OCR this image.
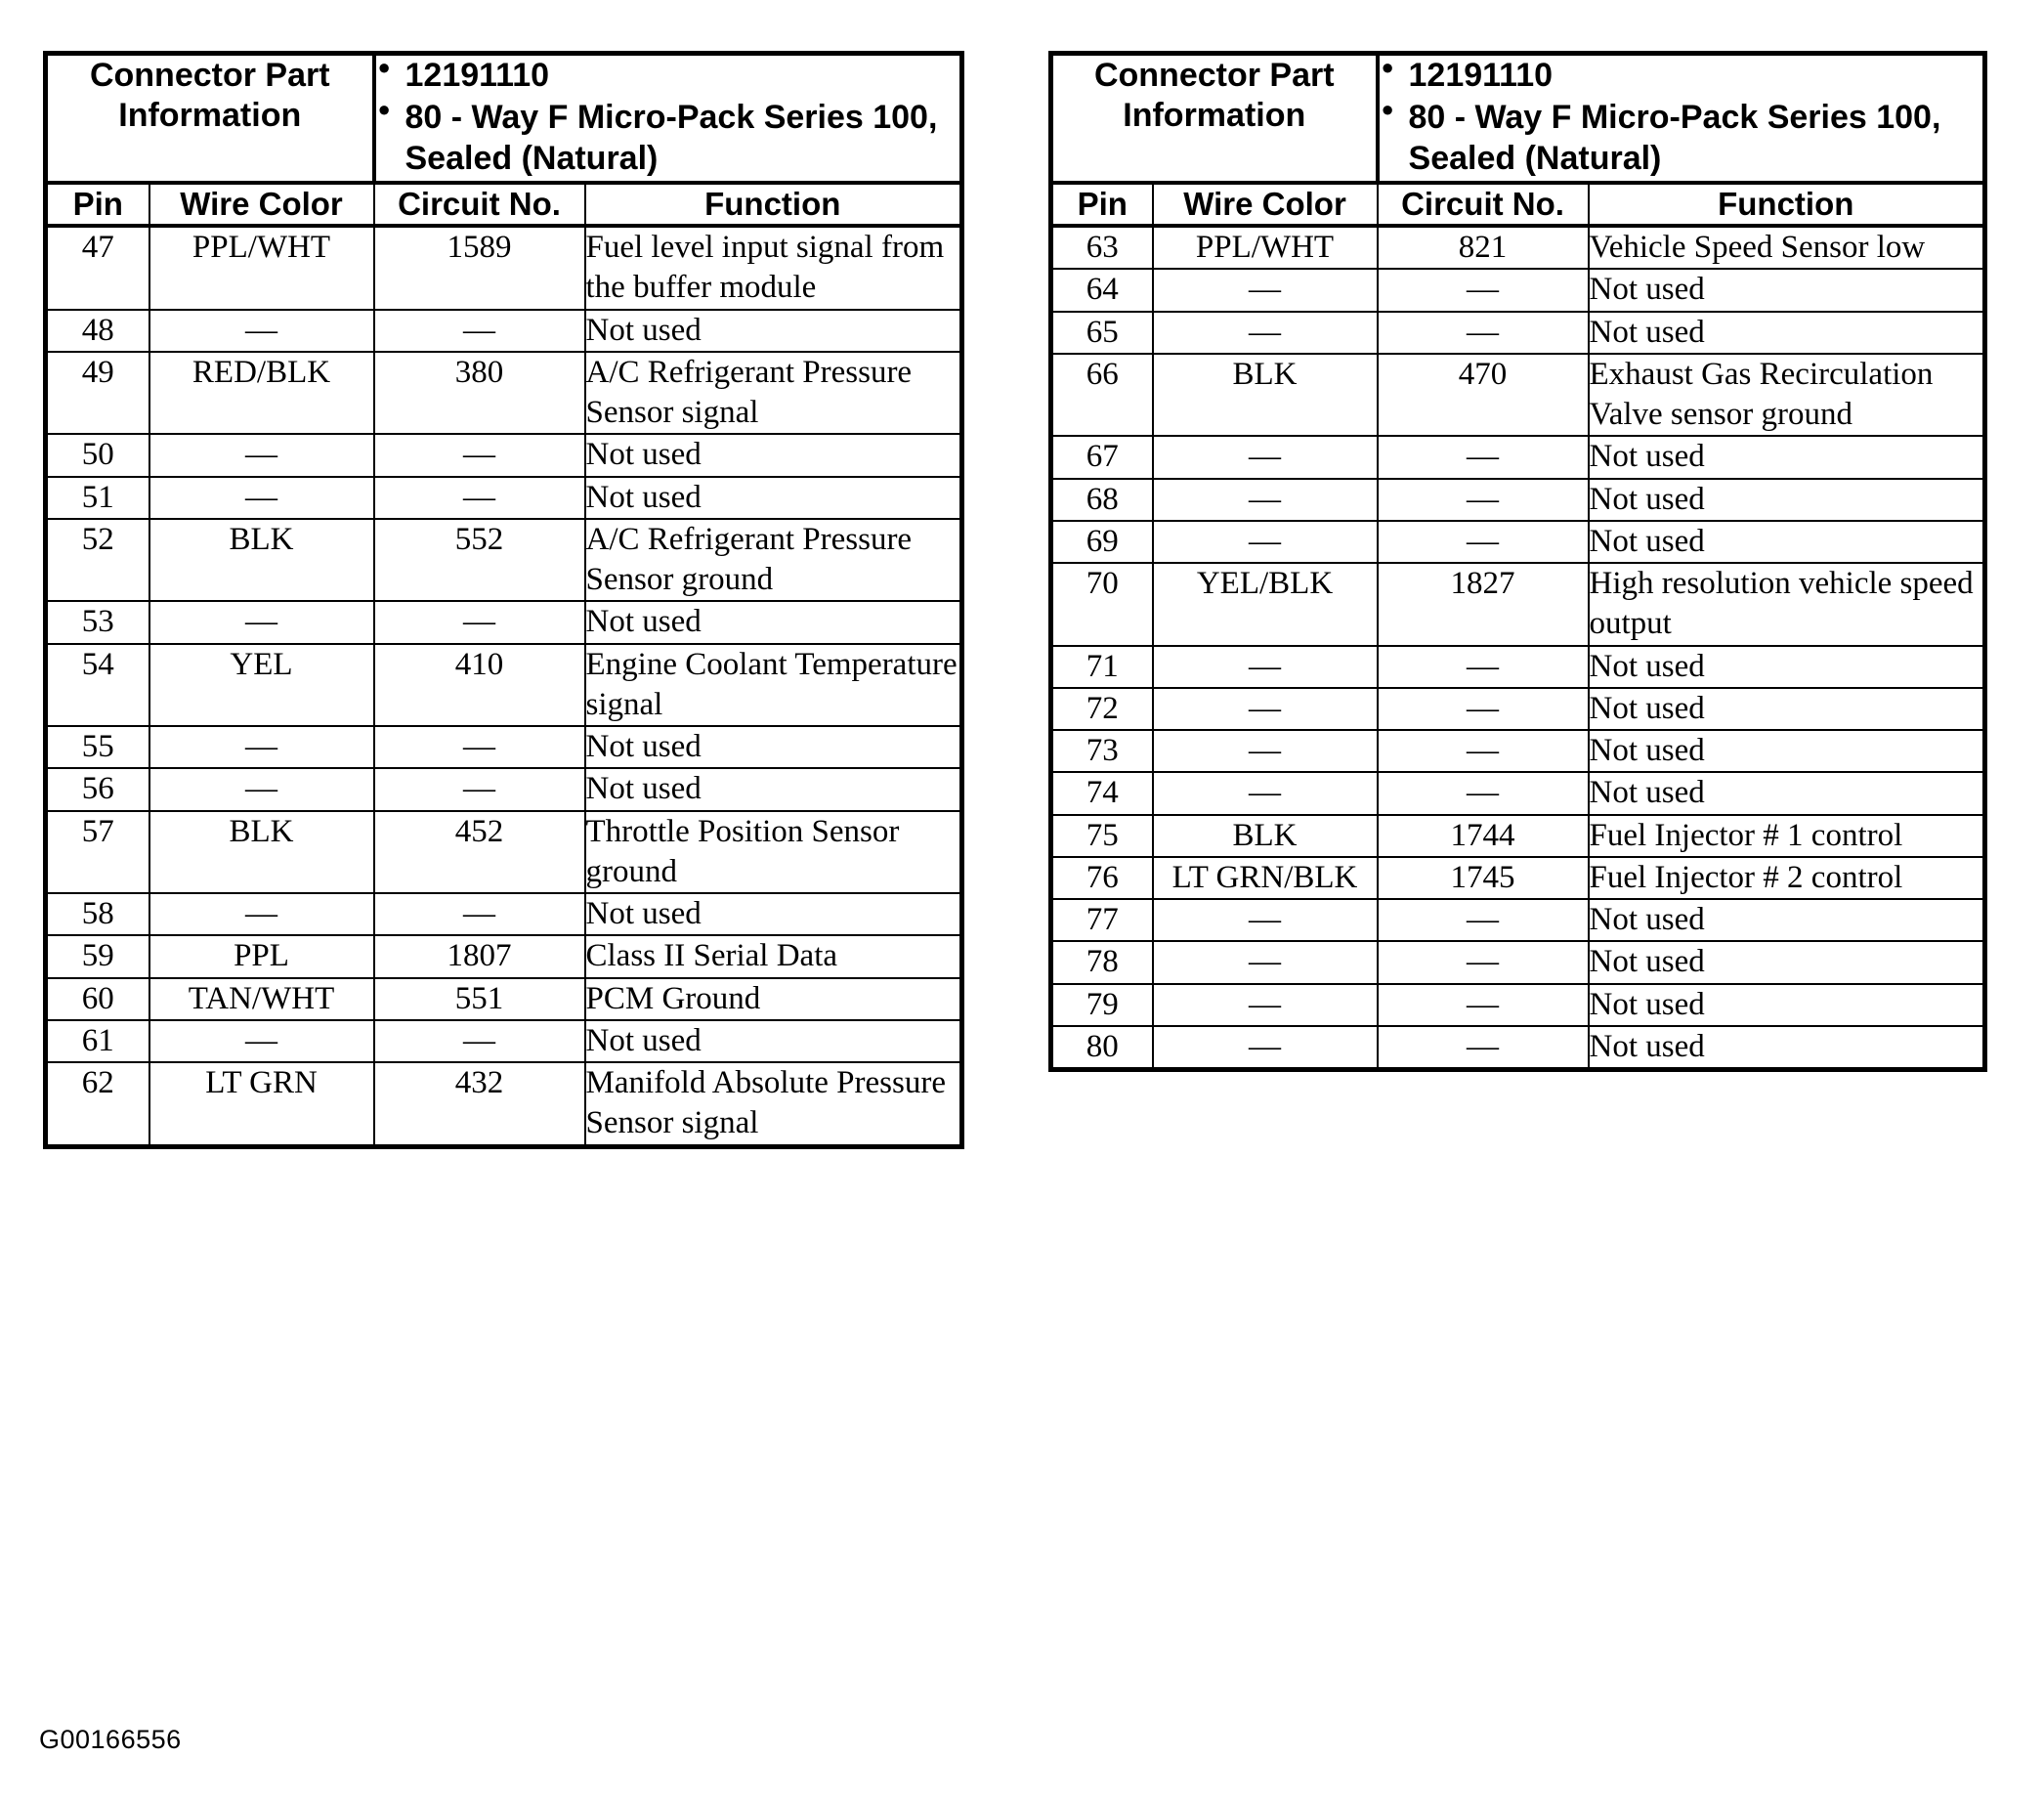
Connector Part Information	
● 12191110
● 80 - Way F Micro-Pack Series 100, Sealed (Natural)

Pin	Wire Color	Circuit No.	Function
47	PPL/WHT	1589	Fuel level input signal from the buffer module
48	—	—	Not used
49	RED/BLK	380	A/C Refrigerant Pressure Sensor signal
50	—	—	Not used
51	—	—	Not used
52	BLK	552	A/C Refrigerant Pressure Sensor ground
53	—	—	Not used
54	YEL	410	Engine Coolant Temperature signal
55	—	—	Not used
56	—	—	Not used
57	BLK	452	Throttle Position Sensor ground
58	—	—	Not used
59	PPL	1807	Class II Serial Data
60	TAN/WHT	551	PCM Ground
61	—	—	Not used
62	LT GRN	432	Manifold Absolute Pressure Sensor signal
Connector Part Information	
● 12191110
● 80 - Way F Micro-Pack Series 100, Sealed (Natural)

Pin	Wire Color	Circuit No.	Function
63	PPL/WHT	821	Vehicle Speed Sensor low
64	—	—	Not used
65	—	—	Not used
66	BLK	470	Exhaust Gas Recirculation Valve sensor ground
67	—	—	Not used
68	—	—	Not used
69	—	—	Not used
70	YEL/BLK	1827	High resolution vehicle speed output
71	—	—	Not used
72	—	—	Not used
73	—	—	Not used
74	—	—	Not used
75	BLK	1744	Fuel Injector # 1 control
76	LT GRN/BLK	1745	Fuel Injector # 2 control
77	—	—	Not used
78	—	—	Not used
79	—	—	Not used
80	—	—	Not used
G00166556
